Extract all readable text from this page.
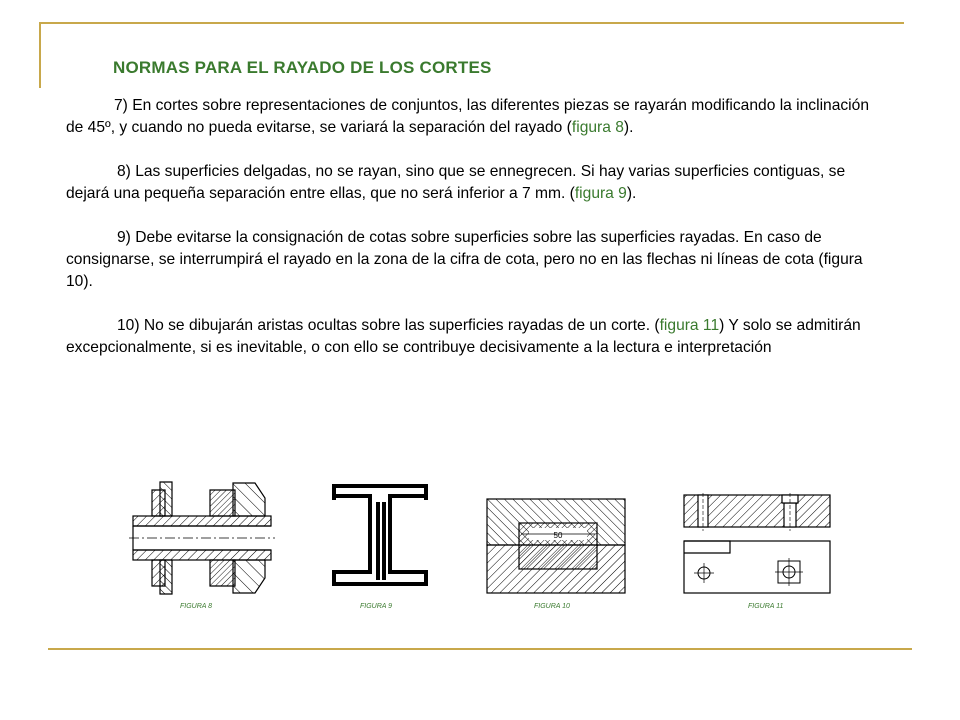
NORMAS PARA EL RAYADO DE LOS CORTES

7) En cortes sobre representaciones de conjuntos, las diferentes piezas se rayarán modificando la inclinación de 45º, y cuando no pueda evitarse, se variará la separación del rayado (figura 8).

8) Las superficies delgadas, no se rayan, sino que se ennegrecen. Si hay varias superficies contiguas, se dejará una pequeña separación entre ellas, que no será inferior a 7 mm. (figura 9).

9) Debe evitarse la consignación de cotas sobre superficies sobre las superficies rayadas. En caso de consignarse, se interrumpirá el rayado en la zona de la cifra de cota, pero no en las flechas ni líneas de cota (figura 10).

10) No se dibujarán aristas ocultas sobre las superficies rayadas de un corte. (figura 11) Y solo se admitirán excepcionalmente, si es inevitable, o con ello se contribuye decisivamente a la lectura e interpretación

50
FIGURA 8	FIGURA 9	FIGURA 10	FIGURA 11
